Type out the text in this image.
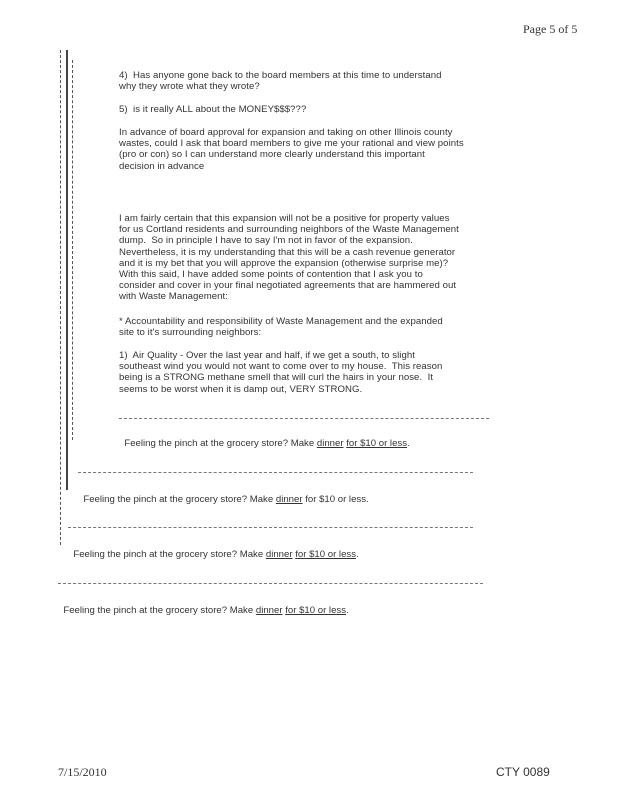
Page 5 of 5
4)  Has anyone gone back to the board members at this time to understand
why they wrote what they wrote?
5)  is it really ALL about the MONEY$$$???
In advance of board approval for expansion and taking on other Illinois county
wastes, could I ask that board members to give me your rational and view points
(pro or con) so I can understand more clearly understand this important
decision in advance
I am fairly certain that this expansion will not be a positive for property values
for us Cortland residents and surrounding neighbors of the Waste Management
dump.  So in principle I have to say I'm not in favor of the expansion.
Nevertheless, it is my understanding that this will be a cash revenue generator
and it is my bet that you will approve the expansion (otherwise surprise me)?
With this said, I have added some points of contention that I ask you to
consider and cover in your final negotiated agreements that are hammered out
with Waste Management:
* Accountability and responsibility of Waste Management and the expanded
site to it's surrounding neighbors:
1)  Air Quality - Over the last year and half, if we get a south, to slight
southeast wind you would not want to come over to my house.  This reason
being is a STRONG methane smell that will curl the hairs in your nose.  It
seems to be worst when it is damp out, VERY STRONG.

Feeling the pinch at the grocery store? Make dinner for $10 or less.

Feeling the pinch at the grocery store? Make dinner for $10 or less.

Feeling the pinch at the grocery store? Make dinner for $10 or less.

Feeling the pinch at the grocery store? Make dinner for $10 or less.

7/15/2010	CTY 0089
